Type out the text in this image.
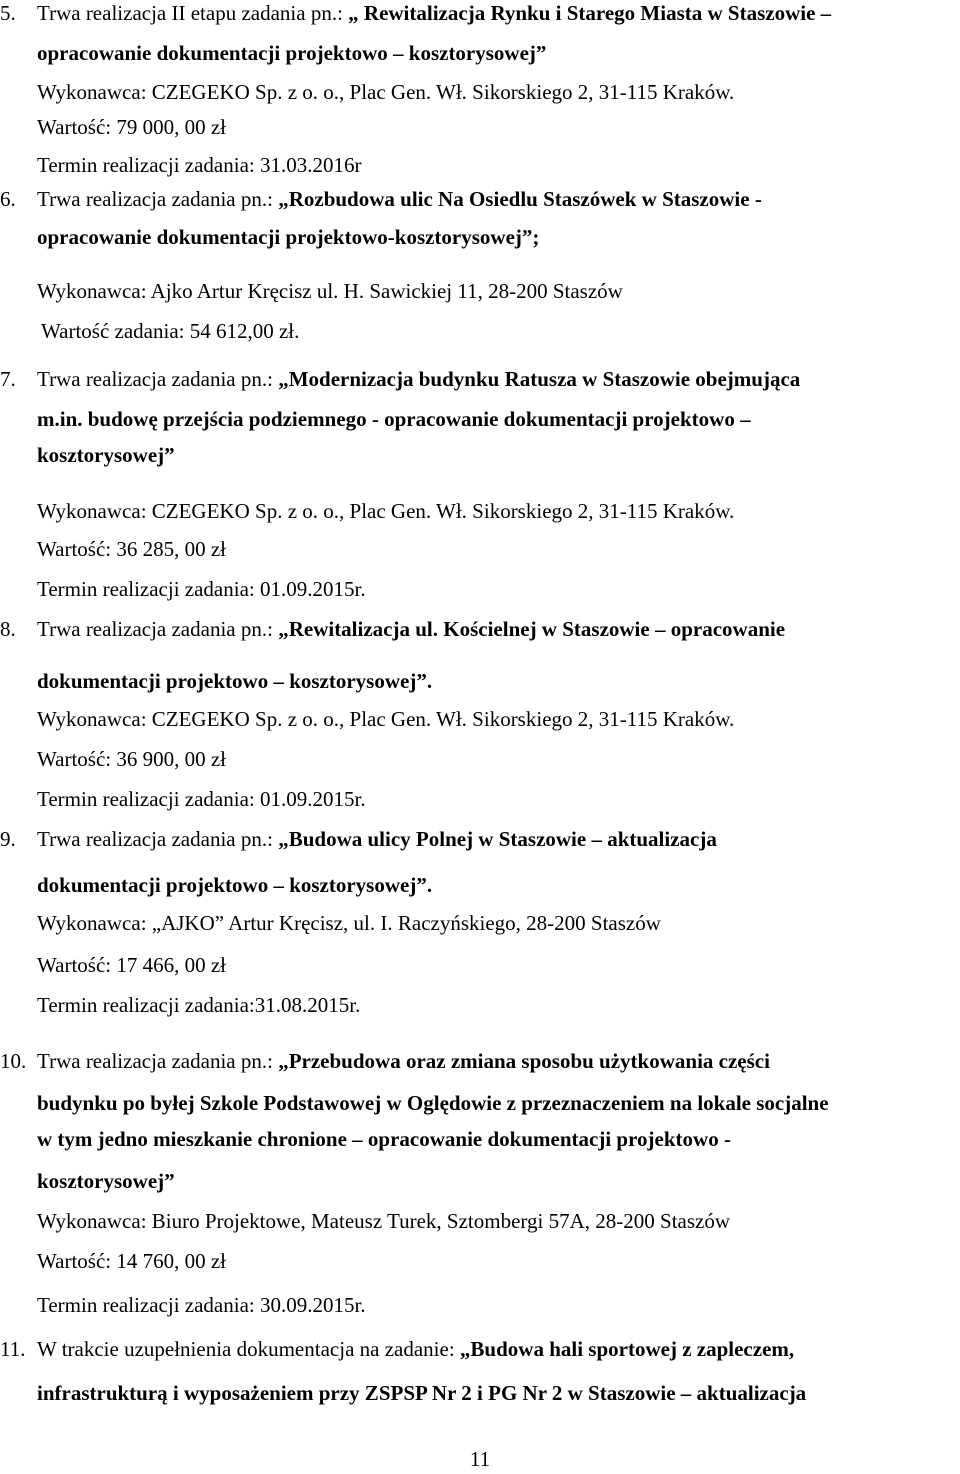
5.	Trwa realizacja II etapu zadania pn.: „ Rewitalizacja Rynku i Starego Miasta w Staszowie –
opracowanie dokumentacji projektowo – kosztorysowej”
Wykonawca: CZEGEKO Sp. z o. o., Plac Gen. Wł. Sikorskiego 2, 31-115 Kraków.
Wartość: 79 000, 00 zł
Termin realizacji zadania: 31.03.2016r
6.	Trwa realizacja zadania pn.: „Rozbudowa ulic Na Osiedlu Staszówek w Staszowie -
opracowanie dokumentacji projektowo-kosztorysowej”;
Wykonawca: Ajko Artur Kręcisz ul. H. Sawickiej 11, 28-200 Staszów
Wartość zadania: 54 612,00 zł.
7.	Trwa realizacja zadania pn.: „Modernizacja budynku Ratusza w Staszowie obejmująca
m.in. budowę przejścia podziemnego - opracowanie dokumentacji projektowo –
kosztorysowej”
Wykonawca: CZEGEKO Sp. z o. o., Plac Gen. Wł. Sikorskiego 2, 31-115 Kraków.
Wartość: 36 285, 00 zł
Termin realizacji zadania: 01.09.2015r.
8.	Trwa realizacja zadania pn.: „Rewitalizacja ul. Kościelnej w Staszowie – opracowanie
dokumentacji projektowo – kosztorysowej”.
Wykonawca: CZEGEKO Sp. z o. o., Plac Gen. Wł. Sikorskiego 2, 31-115 Kraków.
Wartość: 36 900, 00 zł
Termin realizacji zadania: 01.09.2015r.
9.	Trwa realizacja zadania pn.: „Budowa ulicy Polnej w Staszowie – aktualizacja
dokumentacji projektowo – kosztorysowej”.
Wykonawca: „AJKO” Artur Kręcisz, ul. I. Raczyńskiego, 28-200 Staszów
Wartość: 17 466, 00 zł
Termin realizacji zadania:31.08.2015r.
10. Trwa realizacja zadania pn.: „Przebudowa oraz zmiana sposobu użytkowania części
budynku po byłej Szkole Podstawowej w Oględowie z przeznaczeniem na lokale socjalne
w tym jedno mieszkanie chronione – opracowanie dokumentacji projektowo -
kosztorysowej”
Wykonawca: Biuro Projektowe, Mateusz Turek, Sztombergi 57A, 28-200 Staszów
Wartość: 14 760, 00 zł
Termin realizacji zadania: 30.09.2015r.
11. W trakcie uzupełnienia dokumentacja na zadanie: „Budowa hali sportowej z zapleczem,
infrastrukturą i wyposażeniem przy ZSPSP Nr 2 i PG Nr 2 w Staszowie – aktualizacja
11
